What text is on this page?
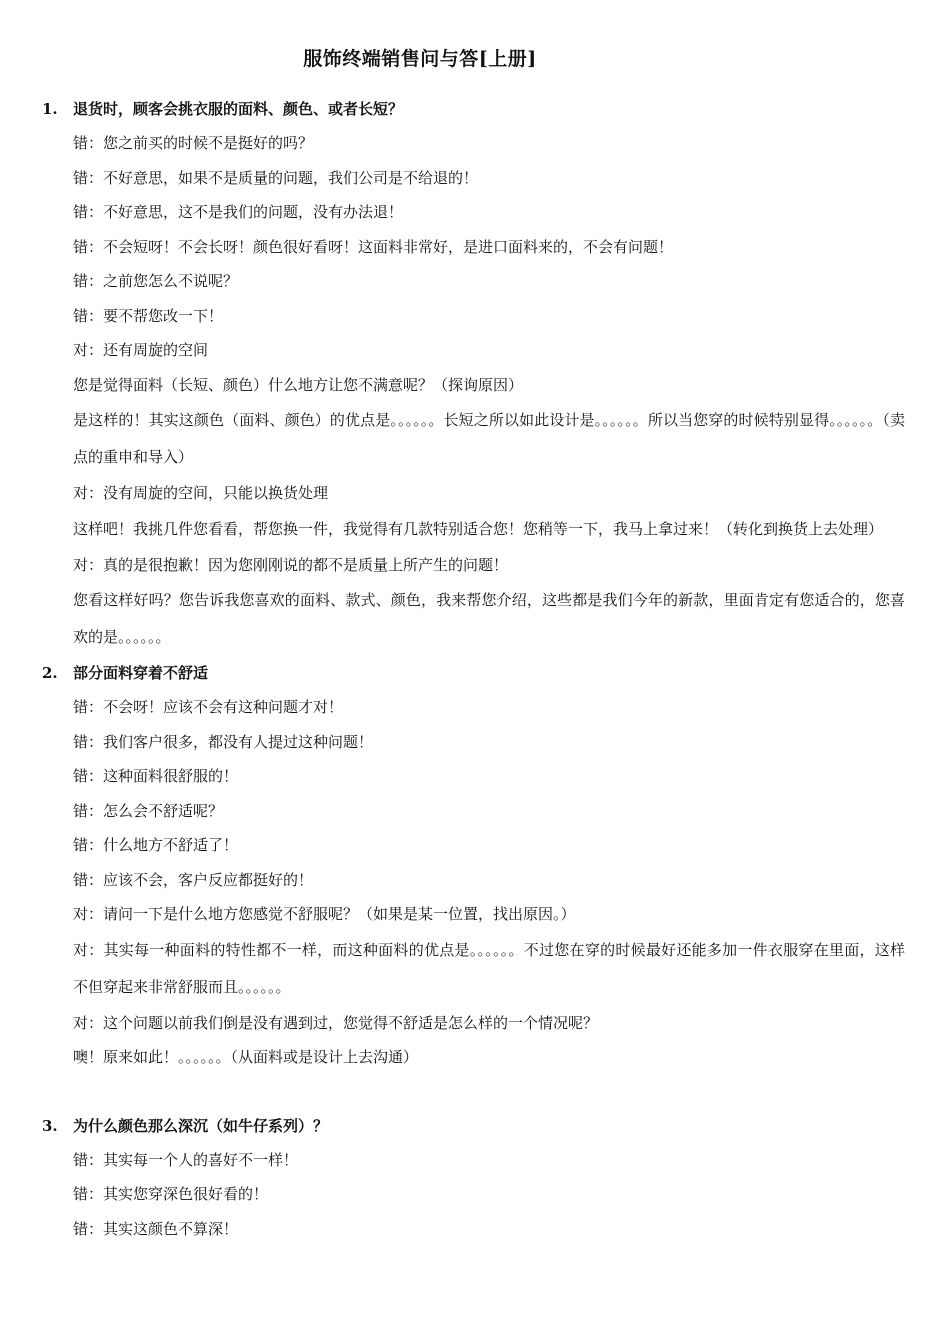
服饰终端销售问与答[上册]
1. 退货时，顾客会挑衣服的面料、颜色、或者长短？
错：您之前买的时候不是挺好的吗？
错：不好意思，如果不是质量的问题，我们公司是不给退的！
错：不好意思，这不是我们的问题，没有办法退！
错：不会短呀！不会长呀！颜色很好看呀！这面料非常好，是进口面料来的，不会有问题！
错：之前您怎么不说呢？
错：要不帮您改一下！
对：还有周旋的空间
您是觉得面料（长短、颜色）什么地方让您不满意呢？（探询原因）
是这样的！其实这颜色（面料、颜色）的优点是。。。。。。长短之所以如此设计是。。。。。。所以当您穿的时候特别显得。。。。。。（卖点的重申和导入）
对：没有周旋的空间，只能以换货处理
这样吧！我挑几件您看看，帮您换一件，我觉得有几款特别适合您！您稍等一下，我马上拿过来！（转化到换货上去处理）
对：真的是很抱歉！因为您刚刚说的都不是质量上所产生的问题！
您看这样好吗？您告诉我您喜欢的面料、款式、颜色，我来帮您介绍，这些都是我们今年的新款，里面肯定有您适合的，您喜欢的是。。。。。。
2. 部分面料穿着不舒适
错：不会呀！应该不会有这种问题才对！
错：我们客户很多，都没有人提过这种问题！
错：这种面料很舒服的！
错：怎么会不舒适呢？
错：什么地方不舒适了！
错：应该不会，客户反应都挺好的！
对：请问一下是什么地方您感觉不舒服呢？（如果是某一位置，找出原因。）
对：其实每一种面料的特性都不一样，而这种面料的优点是。。。。。。不过您在穿的时候最好还能多加一件衣服穿在里面，这样不但穿起来非常舒服而且。。。。。。
对：这个问题以前我们倒是没有遇到过，您觉得不舒适是怎么样的一个情况呢？
噢！原来如此！。。。。。。（从面料或是设计上去沟通）
3. 为什么颜色那么深沉（如牛仔系列）？
错：其实每一个人的喜好不一样！
错：其实您穿深色很好看的！
错：其实这颜色不算深！
